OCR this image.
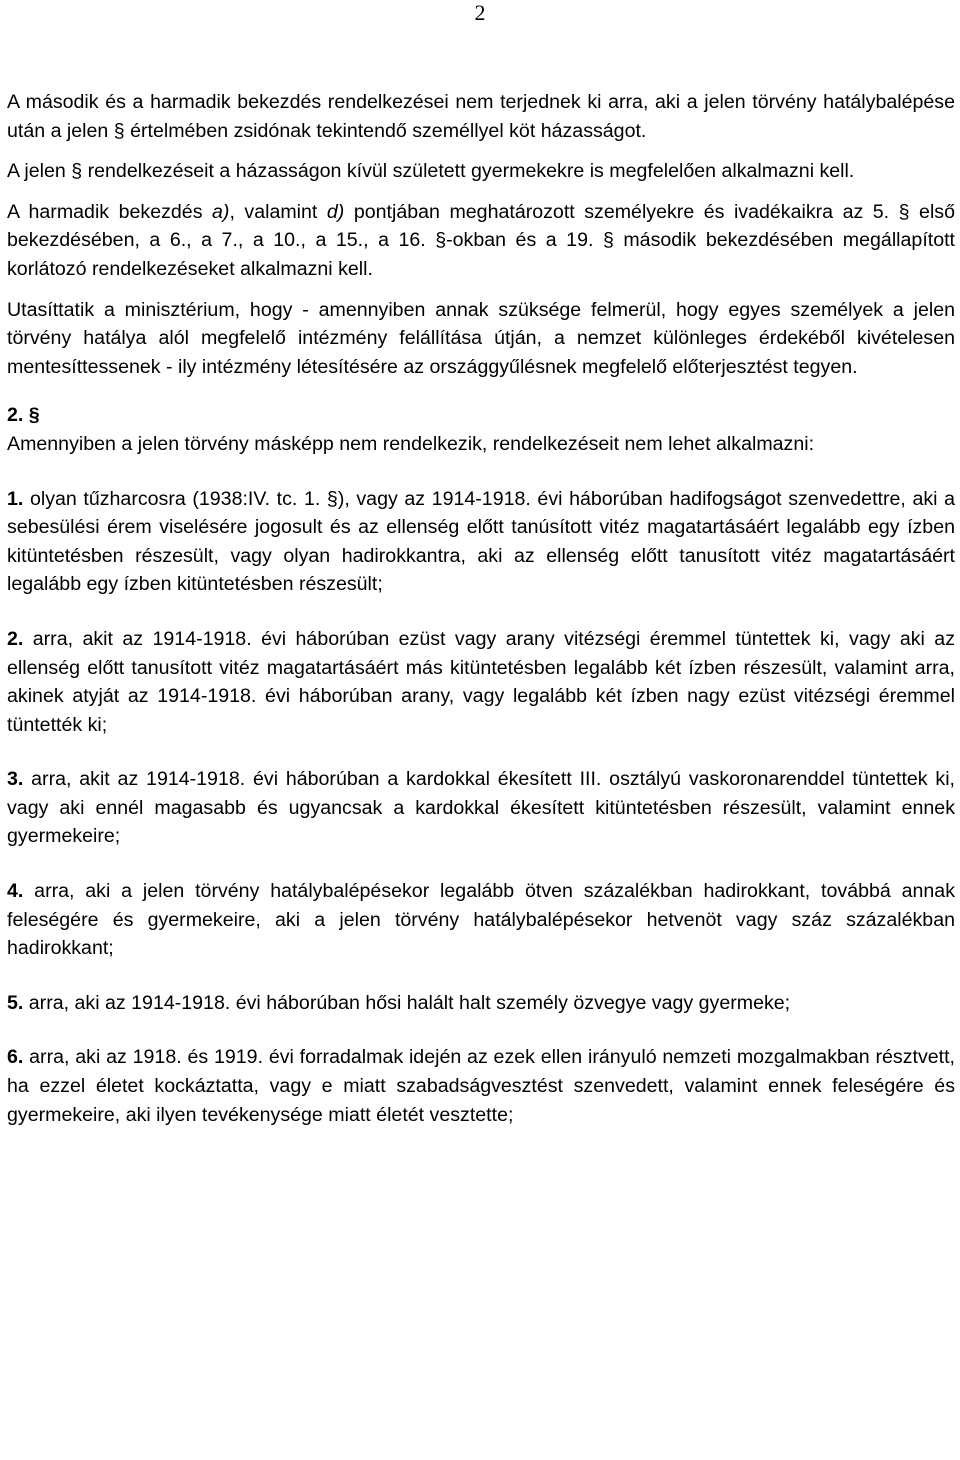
2

A második és a harmadik bekezdés rendelkezései nem terjednek ki arra, aki a jelen törvény hatálybalépése után a jelen § értelmében zsidónak tekintendő személlyel köt házasságot.

A jelen § rendelkezéseit a házasságon kívül született gyermekekre is megfelelően alkalmazni kell.

A harmadik bekezdés a), valamint d) pontjában meghatározott személyekre és ivadékaikra az 5. § első bekezdésében, a 6., a 7., a 10., a 15., a 16. §-okban és a 19. § második bekezdésében megállapított korlátozó rendelkezéseket alkalmazni kell.

Utasíttatik a minisztérium, hogy - amennyiben annak szüksége felmerül, hogy egyes személyek a jelen törvény hatálya alól megfelelő intézmény felállítása útján, a nemzet különleges érdekéből kivételesen mentesíttessenek - ily intézmény létesítésére az országgyűlésnek megfelelő előterjesztést tegyen.

2. §

Amennyiben a jelen törvény másképp nem rendelkezik, rendelkezéseit nem lehet alkalmazni:

1. olyan tűzharcosra (1938:IV. tc. 1. §), vagy az 1914-1918. évi háborúban hadifogságot szenvedettre, aki a sebesülési érem viselésére jogosult és az ellenség előtt tanúsított vitéz magatartásáért legalább egy ízben kitüntetésben részesült, vagy olyan hadirokkantra, aki az ellenség előtt tanusított vitéz magatartásáért legalább egy ízben kitüntetésben részesült;

2. arra, akit az 1914-1918. évi háborúban ezüst vagy arany vitézségi éremmel tüntettek ki, vagy aki az ellenség előtt tanusított vitéz magatartásáért más kitüntetésben legalább két ízben részesült, valamint arra, akinek atyját az 1914-1918. évi háborúban arany, vagy legalább két ízben nagy ezüst vitézségi éremmel tüntették ki;

3. arra, akit az 1914-1918. évi háborúban a kardokkal ékesített III. osztályú vaskoronarenddel tüntettek ki, vagy aki ennél magasabb és ugyancsak a kardokkal ékesített kitüntetésben részesült, valamint ennek gyermekeire;

4. arra, aki a jelen törvény hatálybalépésekor legalább ötven százalékban hadirokkant, továbbá annak feleségére és gyermekeire, aki a jelen törvény hatálybalépésekor hetvenöt vagy száz százalékban hadirokkant;

5. arra, aki az 1914-1918. évi háborúban hősi halált halt személy özvegye vagy gyermeke;

6. arra, aki az 1918. és 1919. évi forradalmak idején az ezek ellen irányuló nemzeti mozgalmakban résztvett, ha ezzel életet kockáztatta, vagy e miatt szabadságvesztést szenvedett, valamint ennek feleségére és gyermekeire, aki ilyen tevékenysége miatt életét vesztette;
